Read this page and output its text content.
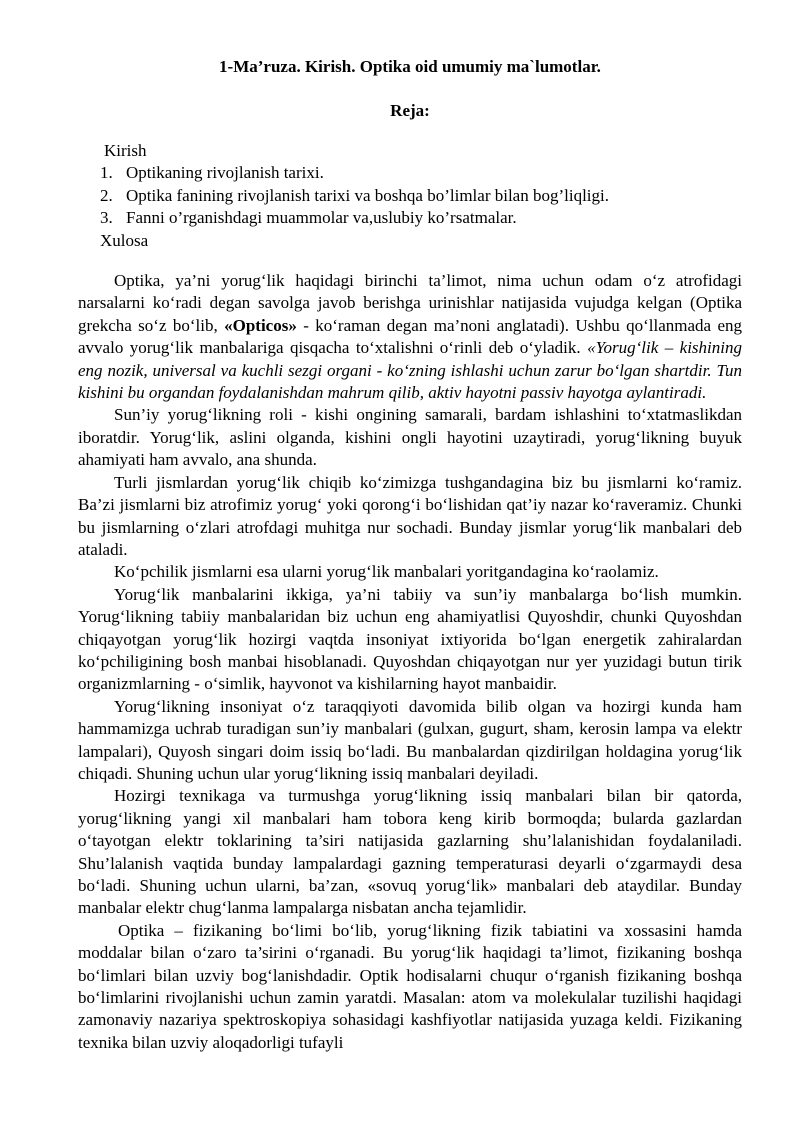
1-Ma’ruza. Kirish. Optika oid umumiy ma`lumotlar.
Reja:
Kirish
1. Optikaning rivojlanish tarixi.
2. Optika fanining rivojlanish tarixi va boshqa bo’limlar bilan bog’liqligi.
3. Fanni o’rganishdagi muammolar va,uslubiy ko’rsatmalar.
Xulosa

Optika, ya’ni yorug‘lik haqidagi birinchi ta’limot, nima uchun odam o‘z atrofidagi narsalarni ko‘radi degan savolga javob berishga urinishlar natijasida vujudga kelgan (Optika grekcha so‘z bo‘lib, «Opticos» - ko‘raman degan ma’noni anglatadi). Ushbu qo‘llanmada eng avvalo yorug‘lik manbalariga qisqacha to‘xtalishni o‘rinli deb o‘yladik. «Yorug‘lik – kishining eng nozik, universal va kuchli sezgi organi - ko‘zning ishlashi uchun zarur bo‘lgan shartdir. Tun kishini bu organdan foydalanishdan mahrum qilib, aktiv hayotni passiv hayotga aylantiradi.

Sun’iy yorug‘likning roli - kishi ongining samarali, bardam ishlashini to‘xtatmaslikdan iboratdir. Yorug‘lik, aslini olganda, kishini ongli hayotini uzaytiradi, yorug‘likning buyuk ahamiyati ham avvalo, ana shunda.

Turli jismlardan yorug‘lik chiqib ko‘zimizga tushgandagina biz bu jismlarni ko‘ramiz. Ba’zi jismlarni biz atrofimiz yorug‘ yoki qorong‘i bo‘lishidan qat’iy nazar ko‘raveramiz. Chunki bu jismlarning o‘zlari atrofdagi muhitga nur sochadi. Bunday jismlar yorug‘lik manbalari deb ataladi.

Ko‘pchilik jismlarni esa ularni yorug‘lik manbalari yoritgandagina ko‘raolamiz.

Yorug‘lik manbalarini ikkiga, ya’ni tabiiy va sun’iy manbalarga bo‘lish mumkin. Yorug‘likning tabiiy manbalaridan biz uchun eng ahamiyatlisi Quyoshdir, chunki Quyoshdan chiqayotgan yorug‘lik hozirgi vaqtda insoniyat ixtiyorida bo‘lgan energetik zahiralardan ko‘pchiligining bosh manbai hisoblanadi. Quyoshdan chiqayotgan nur yer yuzidagi butun tirik organizmlarning - o‘simlik, hayvonot va kishilarning hayot manbaidir.

Yorug‘likning insoniyat o‘z taraqqiyoti davomida bilib olgan va hozirgi kunda ham hammamizga uchrab turadigan sun’iy manbalari (gulxan, gugurt, sham, kerosin lampa va elektr lampalari), Quyosh singari doim issiq bo‘ladi. Bu manbalardan qizdirilgan holdagina yorug‘lik chiqadi. Shuning uchun ular yorug‘likning issiq manbalari deyiladi.

Hozirgi texnikaga va turmushga yorug‘likning issiq manbalari bilan bir qatorda, yorug‘likning yangi xil manbalari ham tobora keng kirib bormoqda; bularda gazlardan o‘tayotgan elektr toklarining ta’siri natijasida gazlarning shu’lalanishidan foydalaniladi. Shu’lalanish vaqtida bunday lampalardagi gazning temperaturasi deyarli o‘zgarmaydi desa bo‘ladi. Shuning uchun ularni, ba’zan, «sovuq yorug‘lik» manbalari deb ataydilar. Bunday manbalar elektr chug‘lanma lampalarga nisbatan ancha tejamlidir.

Optika – fizikaning bo‘limi bo‘lib, yorug‘likning fizik tabiatini va xossasini hamda moddalar bilan o‘zaro ta’sirini o‘rganadi. Bu yorug‘lik haqidagi ta’limot, fizikaning boshqa bo‘limlari bilan uzviy bog‘lanishdadir. Optik hodisalarni chuqur o‘rganish fizikaning boshqa bo‘limlarini rivojlanishi uchun zamin yaratdi. Masalan: atom va molekulalar tuzilishi haqidagi zamonaviy nazariya spektroskopiya sohasidagi kashfiyotlar natijasida yuzaga keldi. Fizikaning texnika bilan uzviy aloqadorligi tufayli
